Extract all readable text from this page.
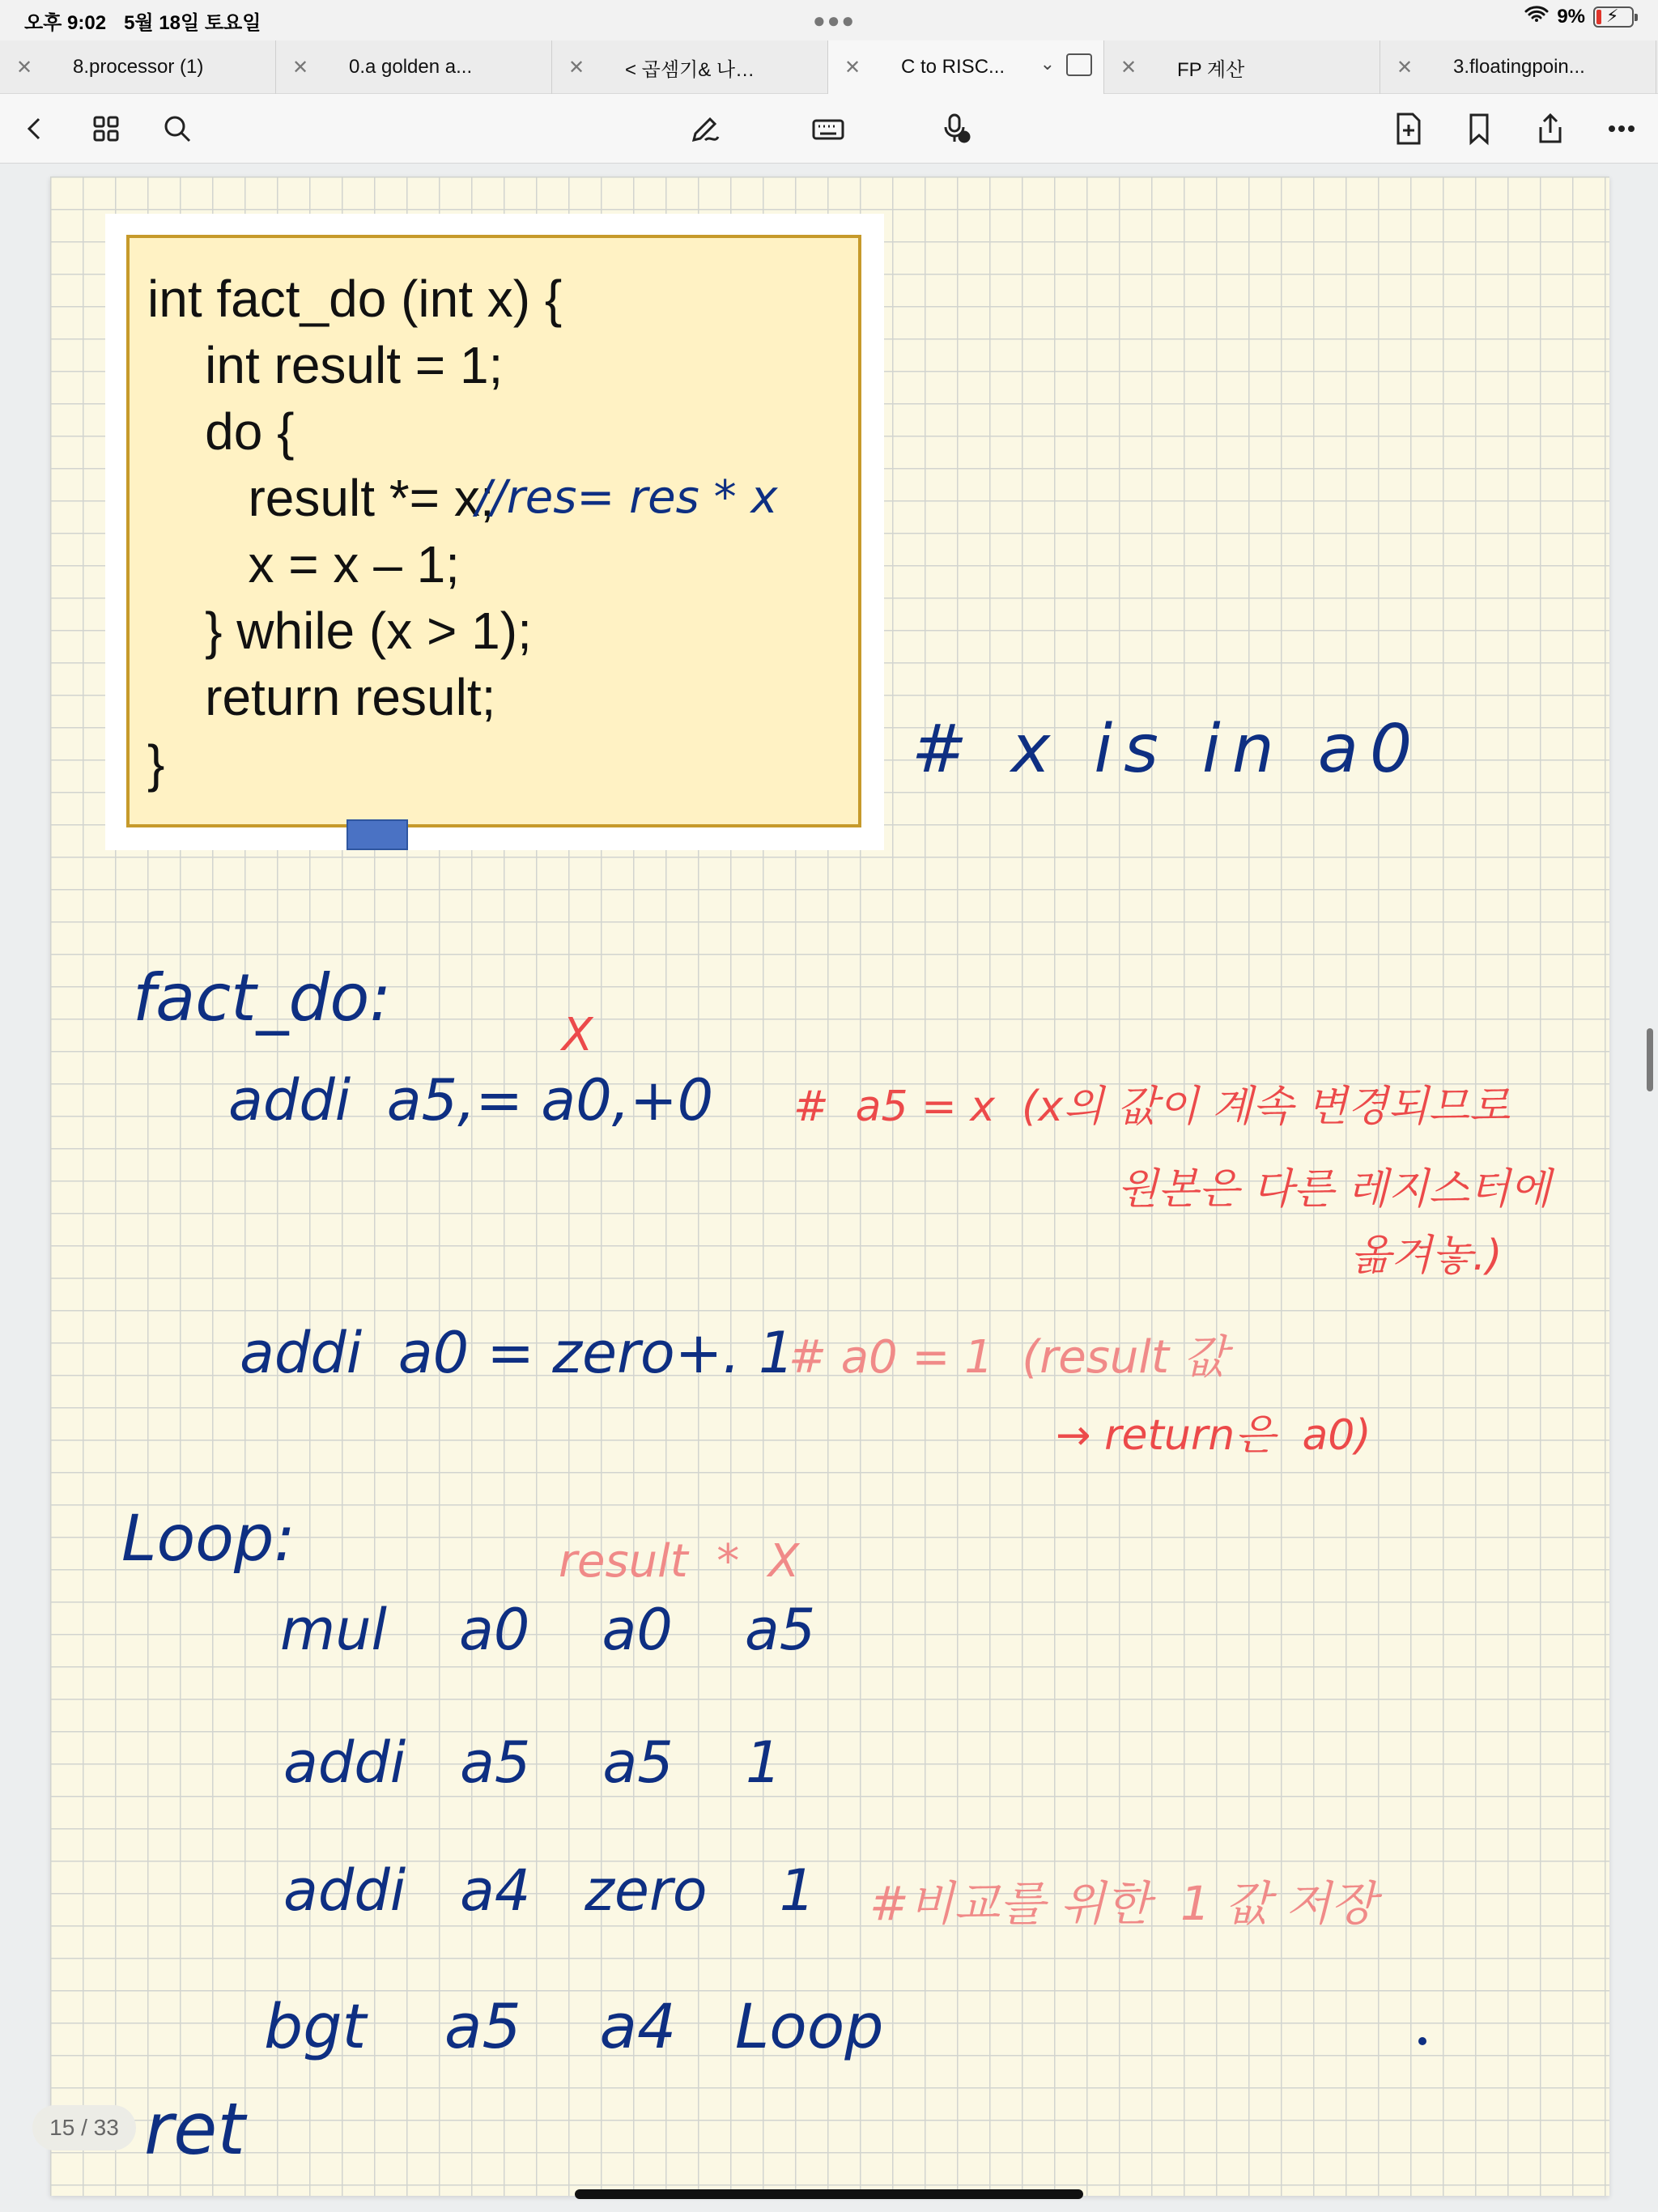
오후 9:02 5월 18일 토요일	●●●	9% ⚡
✕	8.processor (1)	✕	0.a golden a...	✕	< 곱셈기& 나…	✕	C to RISC...	⌄	✕	FP 계산	✕	3.floatingpoin...
int fact_do (int x) {
int result = 1;
do {
result *= x;
x = x – 1;
} while (x > 1);
return result;
}
//res= res * x
# x is in a0
fact_do:	X
addi  a5,= a0,+0 #  a5 = x  (x의 값이 계속 변경되므로
원본은 다른 레지스터에
옮겨놓.)
addi  a0 = zero+. 1
# a0 = 1  (result 값
→ return은  a0)
Loop:	result  *  X
mul    a0    a0    a5
addi   a5    a5    1
addi   a4   zero    1 #비교를 위한  1 값 저장
bgt    a5    a4   Loop
ret
15 / 33
